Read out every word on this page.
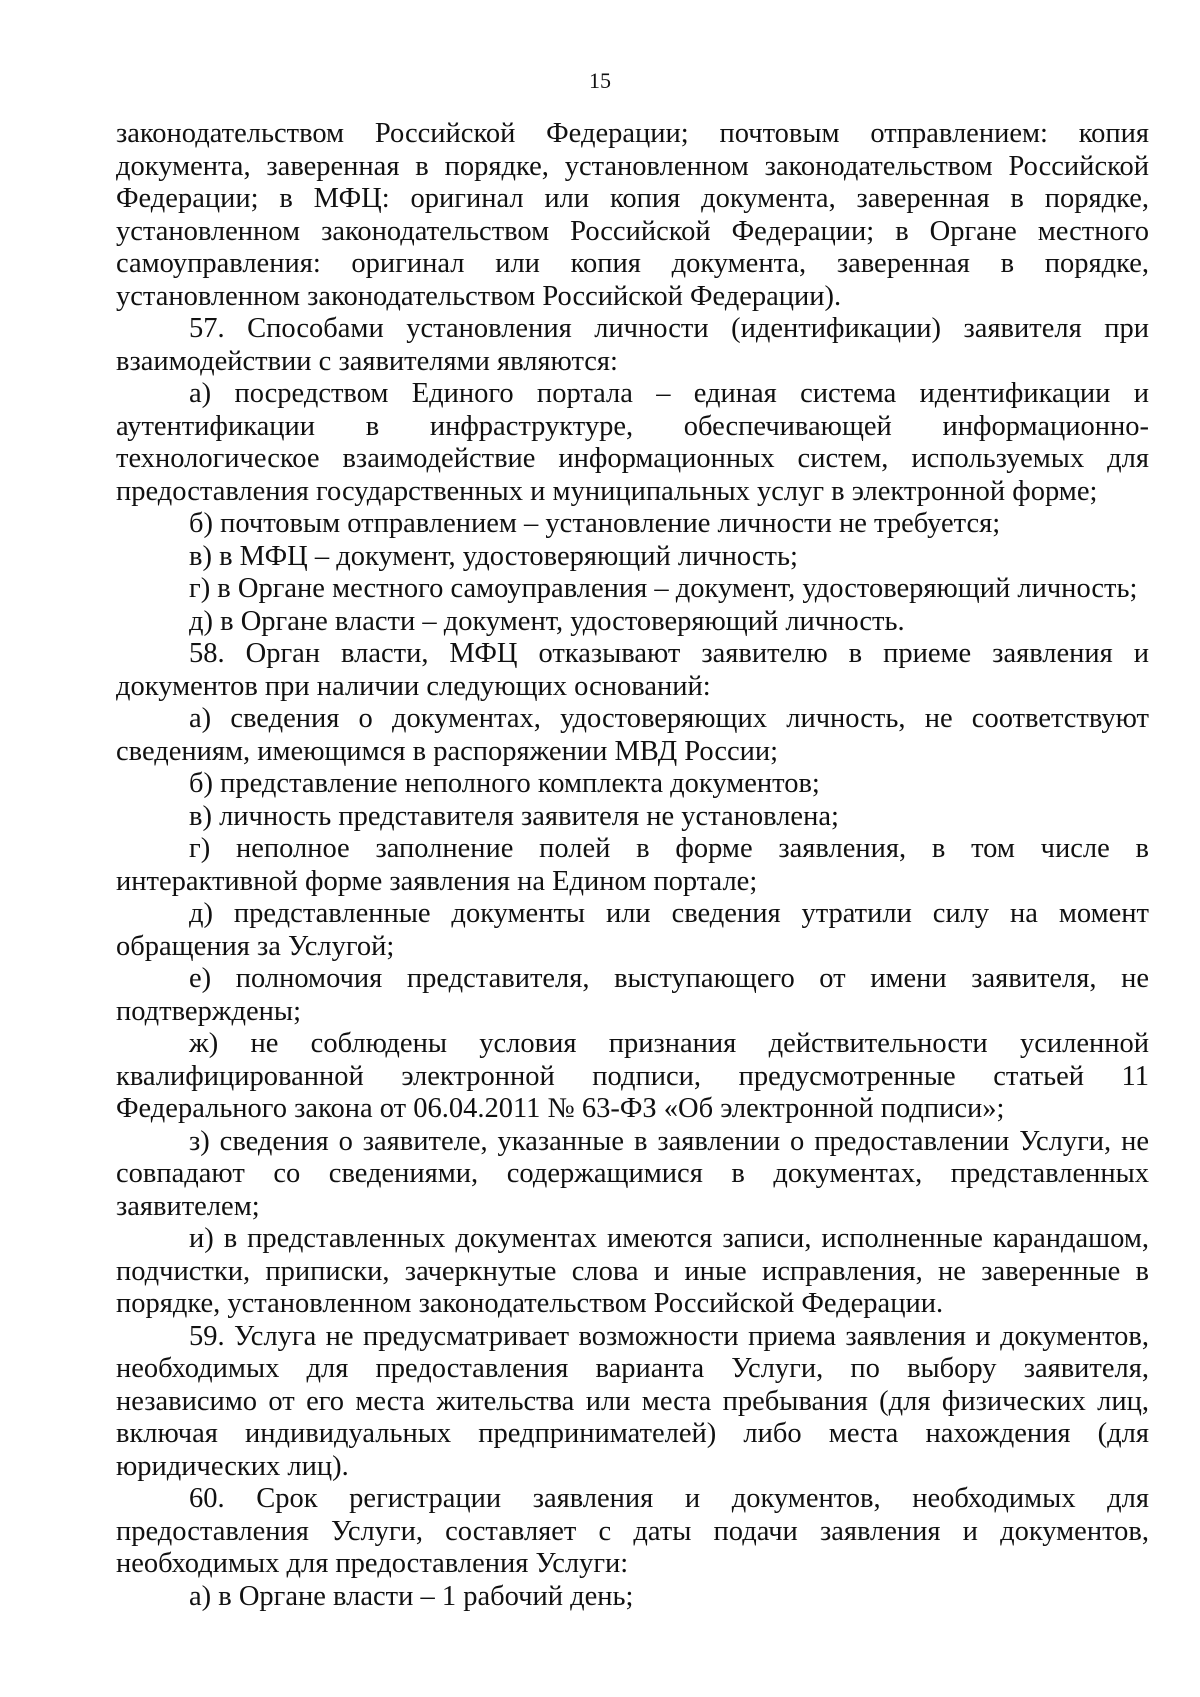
15

законодательством Российской Федерации; почтовым отправлением: копия документа, заверенная в порядке, установленном законодательством Российской Федерации; в МФЦ: оригинал или копия документа, заверенная в порядке, установленном законодательством Российской Федерации; в Органе местного самоуправления: оригинал или копия документа, заверенная в порядке, установленном законодательством Российской Федерации).

57. Способами установления личности (идентификации) заявителя при взаимодействии с заявителями являются:

а) посредством Единого портала – единая система идентификации и аутентификации в инфраструктуре, обеспечивающей информационно-технологическое взаимодействие информационных систем, используемых для предоставления государственных и муниципальных услуг в электронной форме;

б) почтовым отправлением – установление личности не требуется;

в) в МФЦ – документ, удостоверяющий личность;

г) в Органе местного самоуправления – документ, удостоверяющий личность;

д) в Органе власти – документ, удостоверяющий личность.

58. Орган власти, МФЦ отказывают заявителю в приеме заявления и документов при наличии следующих оснований:

а) сведения о документах, удостоверяющих личность, не соответствуют сведениям, имеющимся в распоряжении МВД России;

б) представление неполного комплекта документов;

в) личность представителя заявителя не установлена;

г) неполное заполнение полей в форме заявления, в том числе в интерактивной форме заявления на Едином портале;

д) представленные документы или сведения утратили силу на момент обращения за Услугой;

е) полномочия представителя, выступающего от имени заявителя, не подтверждены;

ж) не соблюдены условия признания действительности усиленной квалифицированной электронной подписи, предусмотренные статьей 11 Федерального закона от 06.04.2011 № 63-ФЗ «Об электронной подписи»;

з) сведения о заявителе, указанные в заявлении о предоставлении Услуги, не совпадают со сведениями, содержащимися в документах, представленных заявителем;

и) в представленных документах имеются записи, исполненные карандашом, подчистки, приписки, зачеркнутые слова и иные исправления, не заверенные в порядке, установленном законодательством Российской Федерации.

59. Услуга не предусматривает возможности приема заявления и документов, необходимых для предоставления варианта Услуги, по выбору заявителя, независимо от его места жительства или места пребывания (для физических лиц, включая индивидуальных предпринимателей) либо места нахождения (для юридических лиц).

60. Срок регистрации заявления и документов, необходимых для предоставления Услуги, составляет с даты подачи заявления и документов, необходимых для предоставления Услуги:

а) в Органе власти – 1 рабочий день;
